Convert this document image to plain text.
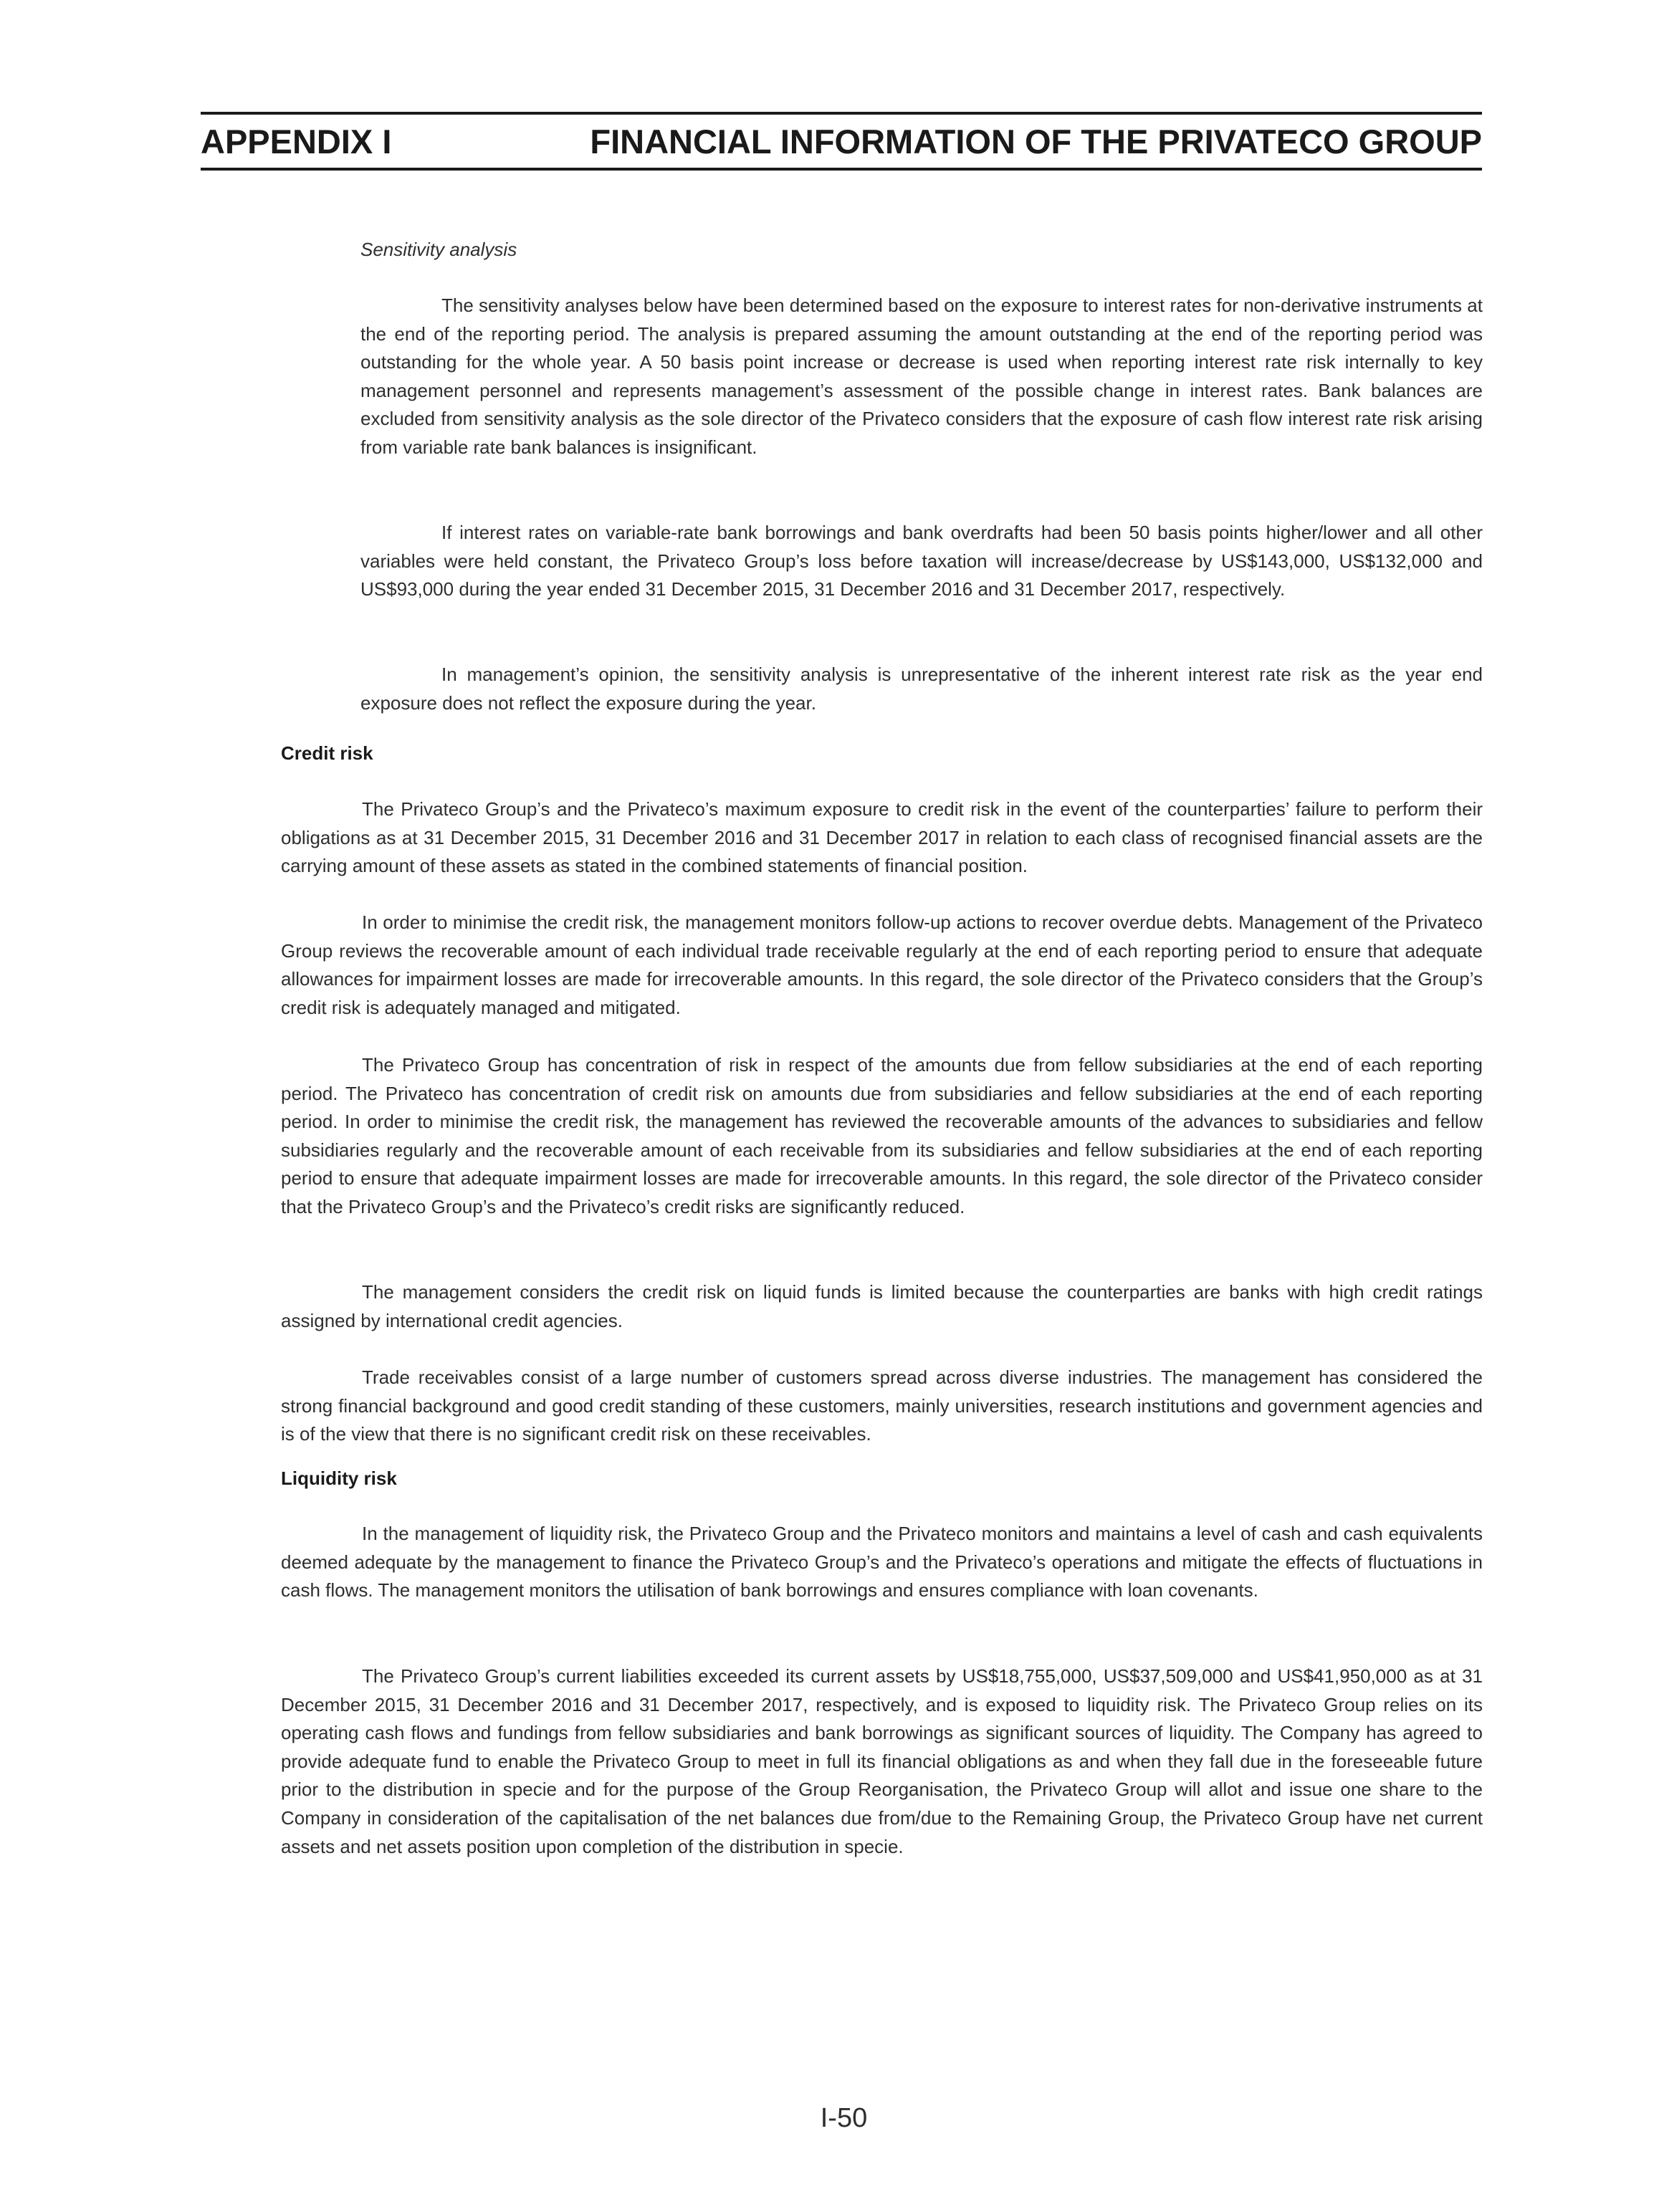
APPENDIX I	FINANCIAL INFORMATION OF THE PRIVATECO GROUP
Sensitivity analysis

The sensitivity analyses below have been determined based on the exposure to interest rates for non-derivative instruments at the end of the reporting period. The analysis is prepared assuming the amount outstanding at the end of the reporting period was outstanding for the whole year. A 50 basis point increase or decrease is used when reporting interest rate risk internally to key management personnel and represents management’s assessment of the possible change in interest rates. Bank balances are excluded from sensitivity analysis as the sole director of the Privateco considers that the exposure of cash flow interest rate risk arising from variable rate bank balances is insignificant.

If interest rates on variable-rate bank borrowings and bank overdrafts had been 50 basis points higher/lower and all other variables were held constant, the Privateco Group’s loss before taxation will increase/decrease by US$143,000, US$132,000 and US$93,000 during the year ended 31 December 2015, 31 December 2016 and 31 December 2017, respectively.

In management’s opinion, the sensitivity analysis is unrepresentative of the inherent interest rate risk as the year end exposure does not reflect the exposure during the year.

Credit risk

The Privateco Group’s and the Privateco’s maximum exposure to credit risk in the event of the counterparties’ failure to perform their obligations as at 31 December 2015, 31 December 2016 and 31 December 2017 in relation to each class of recognised financial assets are the carrying amount of these assets as stated in the combined statements of financial position.

In order to minimise the credit risk, the management monitors follow-up actions to recover overdue debts. Management of the Privateco Group reviews the recoverable amount of each individual trade receivable regularly at the end of each reporting period to ensure that adequate allowances for impairment losses are made for irrecoverable amounts. In this regard, the sole director of the Privateco considers that the Group’s credit risk is adequately managed and mitigated.

The Privateco Group has concentration of risk in respect of the amounts due from fellow subsidiaries at the end of each reporting period. The Privateco has concentration of credit risk on amounts due from subsidiaries and fellow subsidiaries at the end of each reporting period. In order to minimise the credit risk, the management has reviewed the recoverable amounts of the advances to subsidiaries and fellow subsidiaries regularly and the recoverable amount of each receivable from its subsidiaries and fellow subsidiaries at the end of each reporting period to ensure that adequate impairment losses are made for irrecoverable amounts. In this regard, the sole director of the Privateco consider that the Privateco Group’s and the Privateco’s credit risks are significantly reduced.

The management considers the credit risk on liquid funds is limited because the counterparties are banks with high credit ratings assigned by international credit agencies.

Trade receivables consist of a large number of customers spread across diverse industries. The management has considered the strong financial background and good credit standing of these customers, mainly universities, research institutions and government agencies and is of the view that there is no significant credit risk on these receivables.

Liquidity risk

In the management of liquidity risk, the Privateco Group and the Privateco monitors and maintains a level of cash and cash equivalents deemed adequate by the management to finance the Privateco Group’s and the Privateco’s operations and mitigate the effects of fluctuations in cash flows. The management monitors the utilisation of bank borrowings and ensures compliance with loan covenants.

The Privateco Group’s current liabilities exceeded its current assets by US$18,755,000, US$37,509,000 and US$41,950,000 as at 31 December 2015, 31 December 2016 and 31 December 2017, respectively, and is exposed to liquidity risk. The Privateco Group relies on its operating cash flows and fundings from fellow subsidiaries and bank borrowings as significant sources of liquidity. The Company has agreed to provide adequate fund to enable the Privateco Group to meet in full its financial obligations as and when they fall due in the foreseeable future prior to the distribution in specie and for the purpose of the Group Reorganisation, the Privateco Group will allot and issue one share to the Company in consideration of the capitalisation of the net balances due from/due to the Remaining Group, the Privateco Group have net current assets and net assets position upon completion of the distribution in specie.

I-50
